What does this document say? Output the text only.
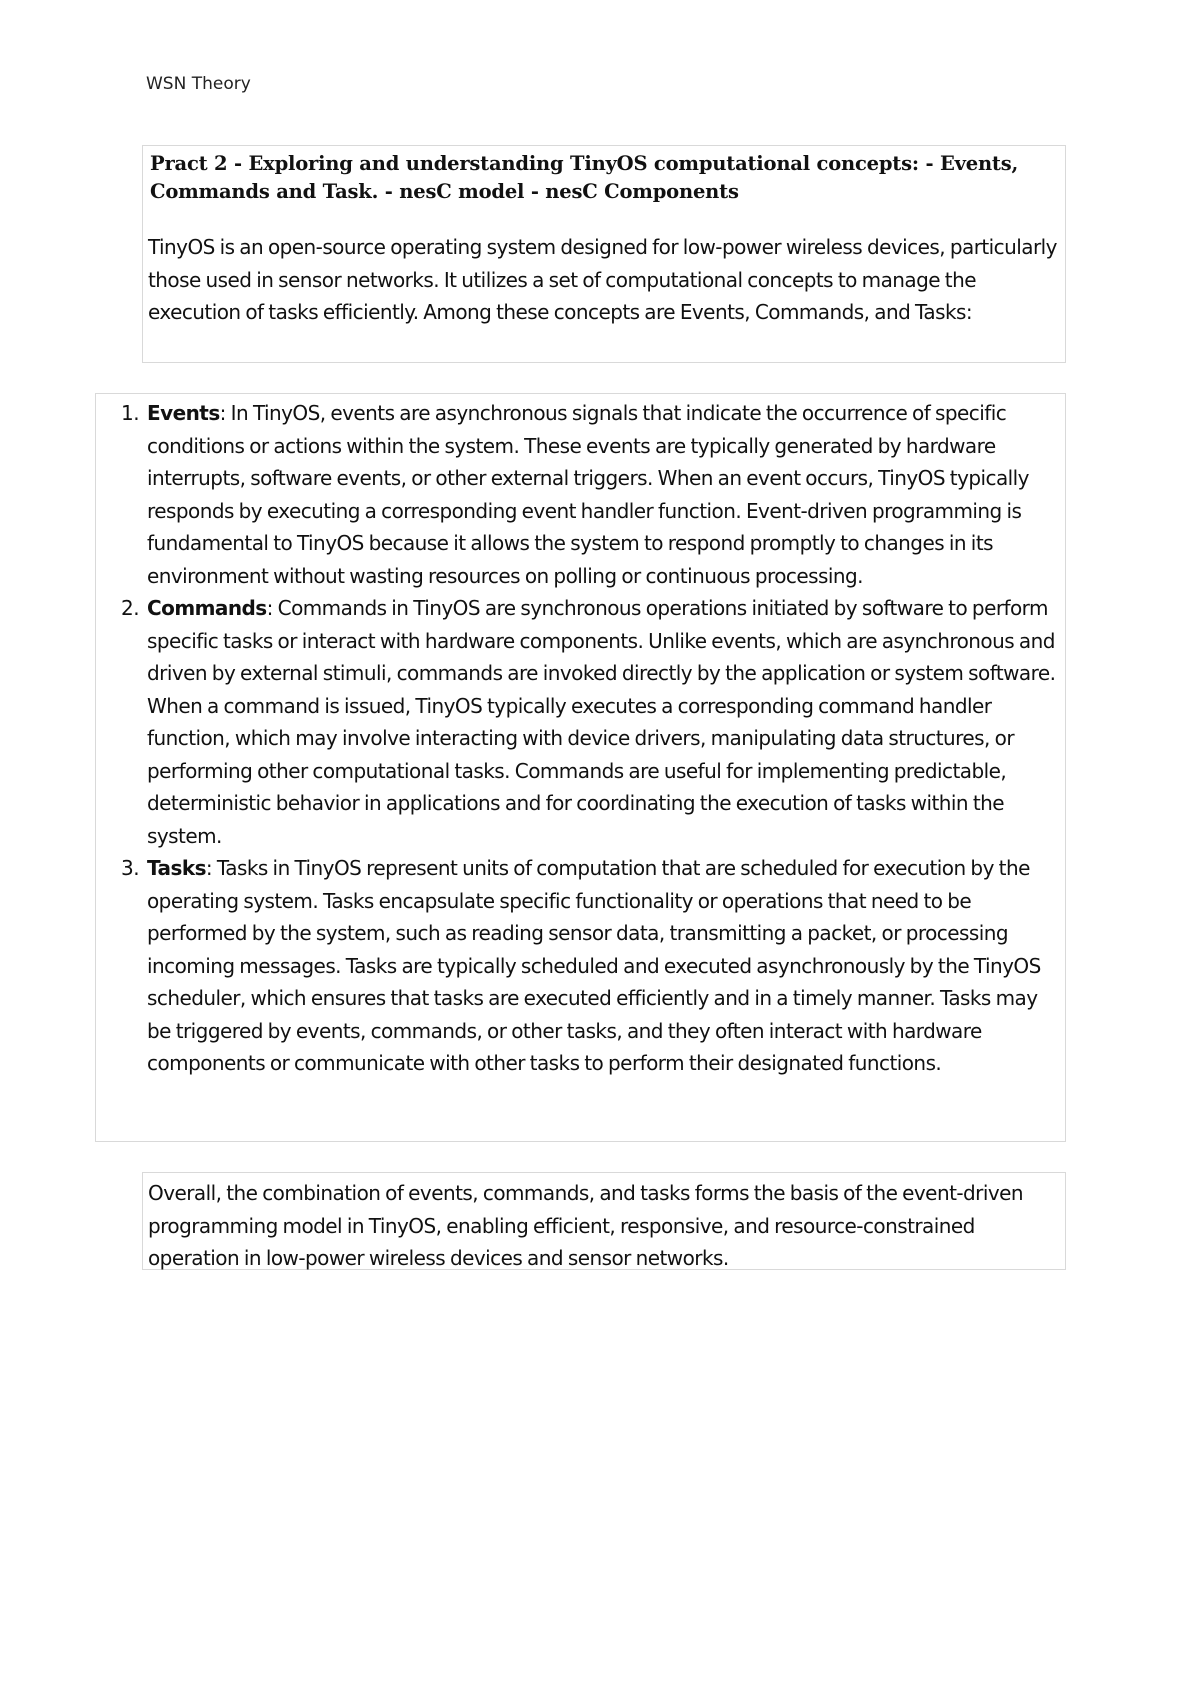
WSN Theory
Pract 2 - Exploring and understanding TinyOS computational concepts: - Events, Commands and Task. - nesC model - nesC Components
TinyOS is an open-source operating system designed for low-power wireless devices, particularly those used in sensor networks. It utilizes a set of computational concepts to manage the execution of tasks efficiently. Among these concepts are Events, Commands, and Tasks:
1. Events: In TinyOS, events are asynchronous signals that indicate the occurrence of specific conditions or actions within the system. These events are typically generated by hardware interrupts, software events, or other external triggers. When an event occurs, TinyOS typically responds by executing a corresponding event handler function. Event-driven programming is fundamental to TinyOS because it allows the system to respond promptly to changes in its environment without wasting resources on polling or continuous processing.
2. Commands: Commands in TinyOS are synchronous operations initiated by software to perform specific tasks or interact with hardware components. Unlike events, which are asynchronous and driven by external stimuli, commands are invoked directly by the application or system software. When a command is issued, TinyOS typically executes a corresponding command handler function, which may involve interacting with device drivers, manipulating data structures, or performing other computational tasks. Commands are useful for implementing predictable, deterministic behavior in applications and for coordinating the execution of tasks within the system.
3. Tasks: Tasks in TinyOS represent units of computation that are scheduled for execution by the operating system. Tasks encapsulate specific functionality or operations that need to be performed by the system, such as reading sensor data, transmitting a packet, or processing incoming messages. Tasks are typically scheduled and executed asynchronously by the TinyOS scheduler, which ensures that tasks are executed efficiently and in a timely manner. Tasks may be triggered by events, commands, or other tasks, and they often interact with hardware components or communicate with other tasks to perform their designated functions.
Overall, the combination of events, commands, and tasks forms the basis of the event-driven programming model in TinyOS, enabling efficient, responsive, and resource-constrained operation in low-power wireless devices and sensor networks.
